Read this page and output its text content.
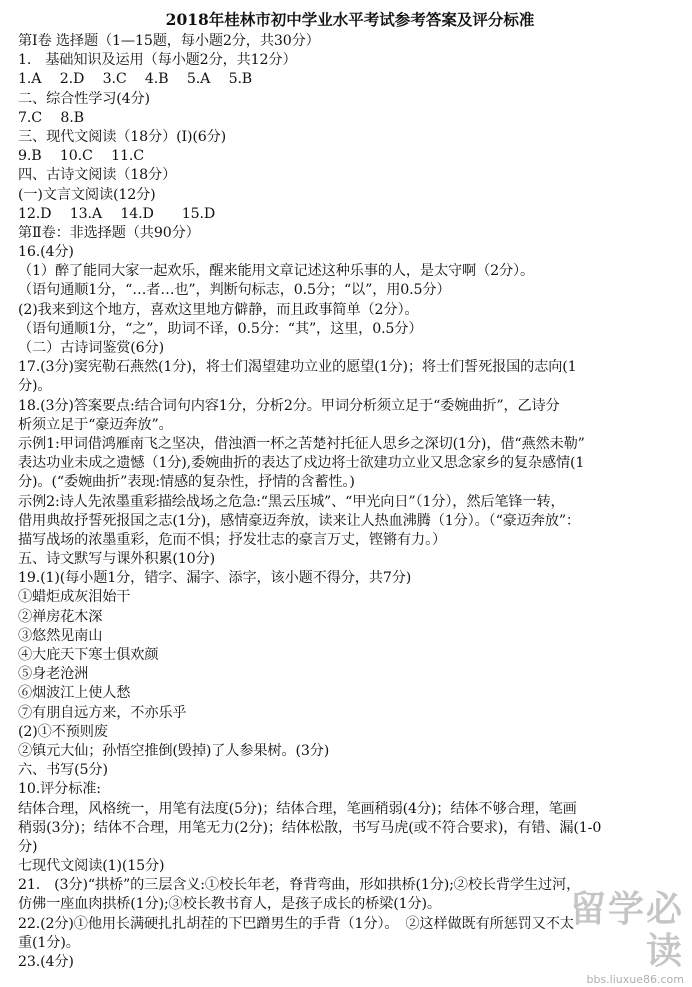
2018年桂林市初中学业水平考试参考答案及评分标准
第Ⅰ卷 选择题（1—15题，每小题2分，共30分）
1.　基础知识及运用（每小题2分，共12分）
1.A　 2.D　 3.C　 4.B　 5.A　 5.B
二、综合性学习(4分)
7.C　 8.B
三、现代文阅读（18分）(Ⅰ)(6分)
9.B　 10.C　 11.C
四、古诗文阅读（18分）
(一)文言文阅读(12分)
12.D　 13.A　 14.D　　15.D
第Ⅱ卷：非选择题（共90分）
16.(4分)
（1）醉了能同大家一起欢乐，醒来能用文章记述这种乐事的人，是太守啊（2分）。
（语句通顺1分，“…者…也”，判断句标志，0.5分；“以”，用0.5分）
(2)我来到这个地方，喜欢这里地方僻静，而且政事简单（2分）。
（语句通顺1分，“之”，助词不译，0.5分：“其”，这里，0.5分）
（二）古诗词鉴赏(6分)
17.(3分)窦宪勒石燕然(1分)，将士们渴望建功立业的愿望(1分)；将士们誓死报国的志向(1
分)。
18.(3分)答案要点:结合词句内容1分，分析2分。甲词分析须立足于“委婉曲折”，乙诗分
析须立足于“豪迈奔放”。
示例1:甲词借鸿雁南飞之坚决，借浊酒一杯之苦楚衬托征人思乡之深切(1分)，借“燕然未勒”
表达功业未成之遗憾（1分),委婉曲折的表达了戍边将士欲建功立业又思念家乡的复杂感情(1
分)。(“委婉曲折”表现:情感的复杂性，抒情的含蓄性。)
示例2:诗人先浓墨重彩描绘战场之危急:“黑云压城”、“甲光向日”（1分），然后笔锋一转，
借用典故抒誓死报国之志(1分)，感情豪迈奔放，读来让人热血沸腾（1分）。（“豪迈奔放”：
描写战场的浓墨重彩，危而不惧；抒发壮志的豪言万丈，铿锵有力。）
五、诗文默写与课外积累(10分)
19.(1)(每小题1分，错字、漏字、添字，该小题不得分，共7分)
①蜡炬成灰泪始干
②禅房花木深
③悠然见南山
④大庇天下寒士俱欢颜
⑤身老沧洲
⑥烟波江上使人愁
⑦有朋自远方来，不亦乐乎
(2)①不预则废
②镇元大仙；孙悟空推倒(毁掉)了人参果树。(3分)
六、书写(5分)
10.评分标准:
结体合理，风格统一，用笔有法度(5分)；结体合理，笔画稍弱(4分)；结体不够合理，笔画
稍弱(3分)；结体不合理，用笔无力(2分)；结体松散，书写马虎(或不符合要求)，有错、漏(1-0
分)
七现代文阅读(1)(15分)
21.　(3分)“拱桥”的三层含义:①校长年老，脊背弯曲，形如拱桥(1分);②校长背学生过河，
仿佛一座血肉拱桥(1分);③校长教书育人，是孩子成长的桥梁(1分)。
22.(2分)①他用长满硬扎扎胡茬的下巴蹭男生的手背（1分）。　②这样做既有所惩罚又不太
重(1分)。
23.(4分)
留学必读
bbs.liuxue86.com
